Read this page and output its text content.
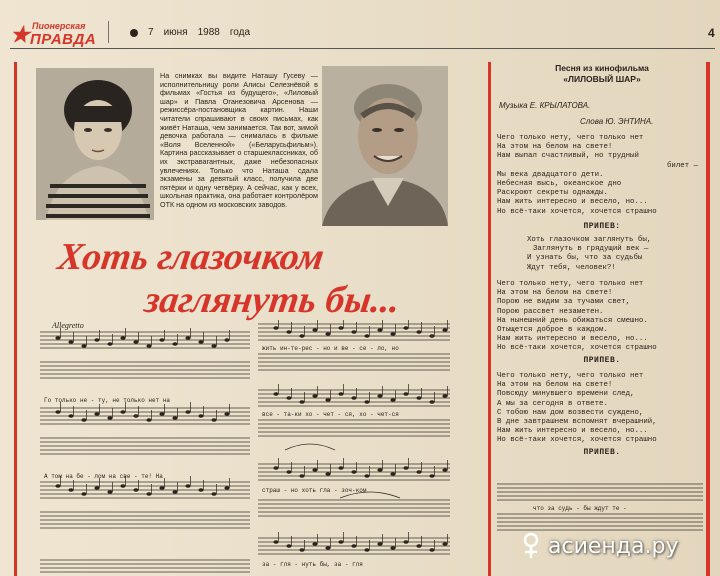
★ Пионерская
ПРАВДА	7 июня 1988 года	4
На снимках вы видите Наташу Гусеву — исполнительницу роли Алисы Селезнёвой в фильмах «Гостья из будущего», «Лиловый шар» и Павла Оганезовича Арсенова — режиссёра-постановщика картин. Наши читатели спрашивают в своих письмах, как живёт Наташа, чем занимается. Так вот, зимой девочка работала — снималась в фильме «Воля Вселенной» («Беларусьфильм»). Картина рассказывает о старшеклассниках, об их экстравагантных, даже небезопасных увлечениях. Только что Наташа сдала экзамены за девятый класс, получила две пятёрки и одну четвёрку. А сейчас, как у всех, школьная практика, она работает контролёром ОТК на одном из московских заводов.
Хоть глазочком
заглянуть бы...
Allegretto
Го только не - ту, не только нет на
А том на бе - лом на све - те! На
жить ин-те-рес - но и ве - се - ло, но
все - та-ки хо - чет - ся, хо - чет-ся
страш - но хоть гла - зоч-ком
за - гля - нуть бы, за - гля
что за судь - бы ждут те -
Песня из кинофильма
«ЛИЛОВЫЙ ШАР»
Музыка Е. КРЫЛАТОВА.
Слова Ю. ЭНТИНА.
Чего только нету, чего только нет
На этом на белом на свете!
Нам выпал счастливый, но трудный
билет —
Мы века двадцатого дети.
Небесная высь, океанское дно
Раскроют секреты однажды.
Нам жить интересно и весело, но...
Но всё-таки хочется, хочется страшно
ПРИПЕВ:
Хоть глазочком заглянуть бы,
Заглянуть в грядущий век —
И узнать бы, что за судьбы
Ждут тебя, человек?!
Чего только нету, чего только нет
На этом на белом на свете!
Порою не видим за тучами свет,
Порою рассвет незаметен.
На нынешний день обижаться смешно.
Отыщется доброе в каждом.
Нам жить интересно и весело, но...
Но всё-таки хочется, хочется страшно
ПРИПЕВ.
Чего только нету, чего только нет
На этом на белом на свете!
Повсюду минувшего времени след,
А мы за сегодня в ответе.
С тобою нам дом возвести суждено,
В дне завтрашнем вспомнят вчерашний,
Нам жить интересно и весело, но...
Но всё-таки хочется, хочется страшно
ПРИПЕВ.
асиенда.ру
